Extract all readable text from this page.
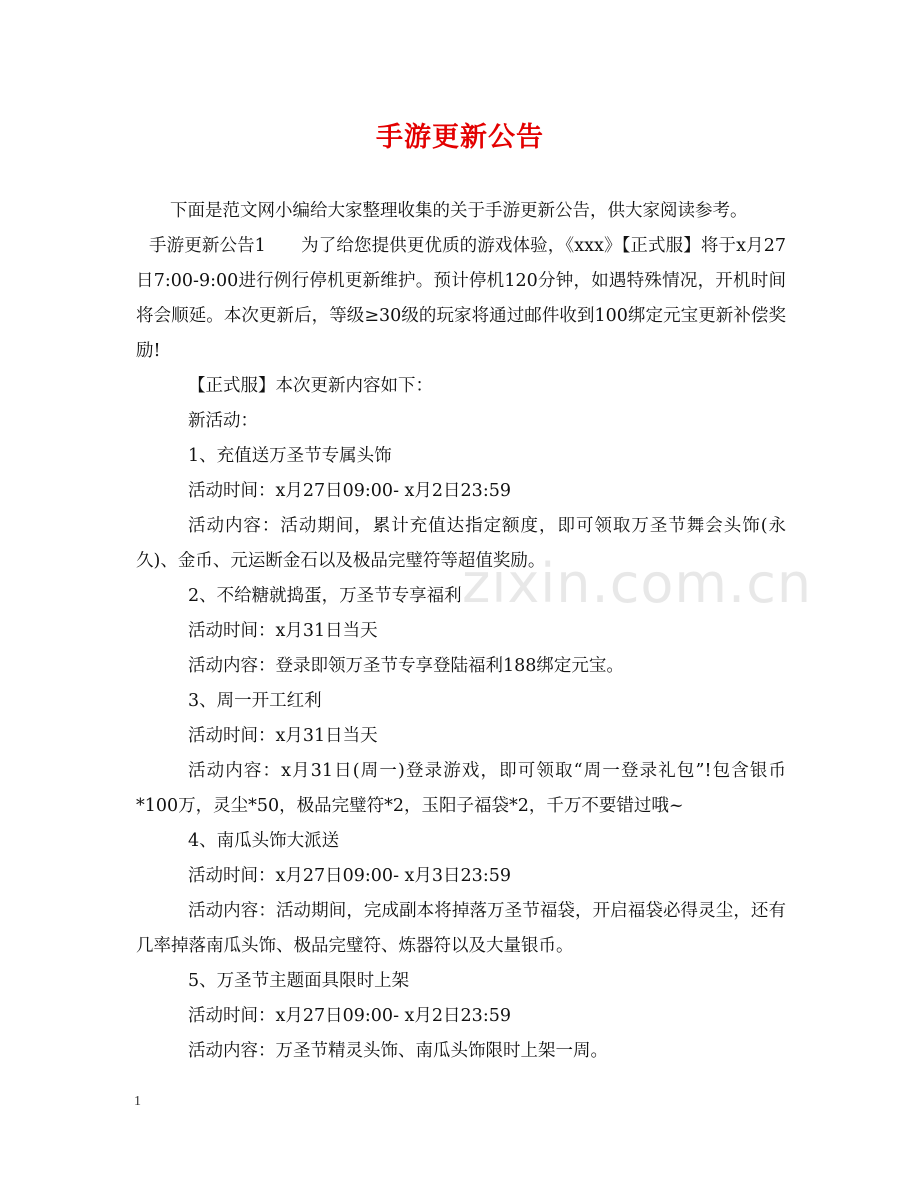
手游更新公告

下面是范文网小编给大家整理收集的关于手游更新公告，供大家阅读参考。

手游更新公告1　　为了给您提供更优质的游戏体验，《xxx》【正式服】将于x月27日7:00-9:00进行例行停机更新维护。预计停机120分钟，如遇特殊情况，开机时间将会顺延。本次更新后，等级≥30级的玩家将通过邮件收到100绑定元宝更新补偿奖励!

【正式服】本次更新内容如下：

新活动：

1、充值送万圣节专属头饰

活动时间：x月27日09:00- x月2日23:59

活动内容：活动期间，累计充值达指定额度，即可领取万圣节舞会头饰(永久)、金币、元运断金石以及极品完璧符等超值奖励。

2、不给糖就捣蛋，万圣节专享福利

活动时间：x月31日当天

活动内容：登录即领万圣节专享登陆福利188绑定元宝。

3、周一开工红利

活动时间：x月31日当天

活动内容：x月31日(周一)登录游戏，即可领取“周一登录礼包”!包含银币*100万，灵尘*50，极品完璧符*2，玉阳子福袋*2，千万不要错过哦~

4、南瓜头饰大派送

活动时间：x月27日09:00- x月3日23:59

活动内容：活动期间，完成副本将掉落万圣节福袋，开启福袋必得灵尘，还有几率掉落南瓜头饰、极品完璧符、炼器符以及大量银币。

5、万圣节主题面具限时上架

活动时间：x月27日09:00- x月2日23:59

活动内容：万圣节精灵头饰、南瓜头饰限时上架一周。

zixin.com.cn
1
